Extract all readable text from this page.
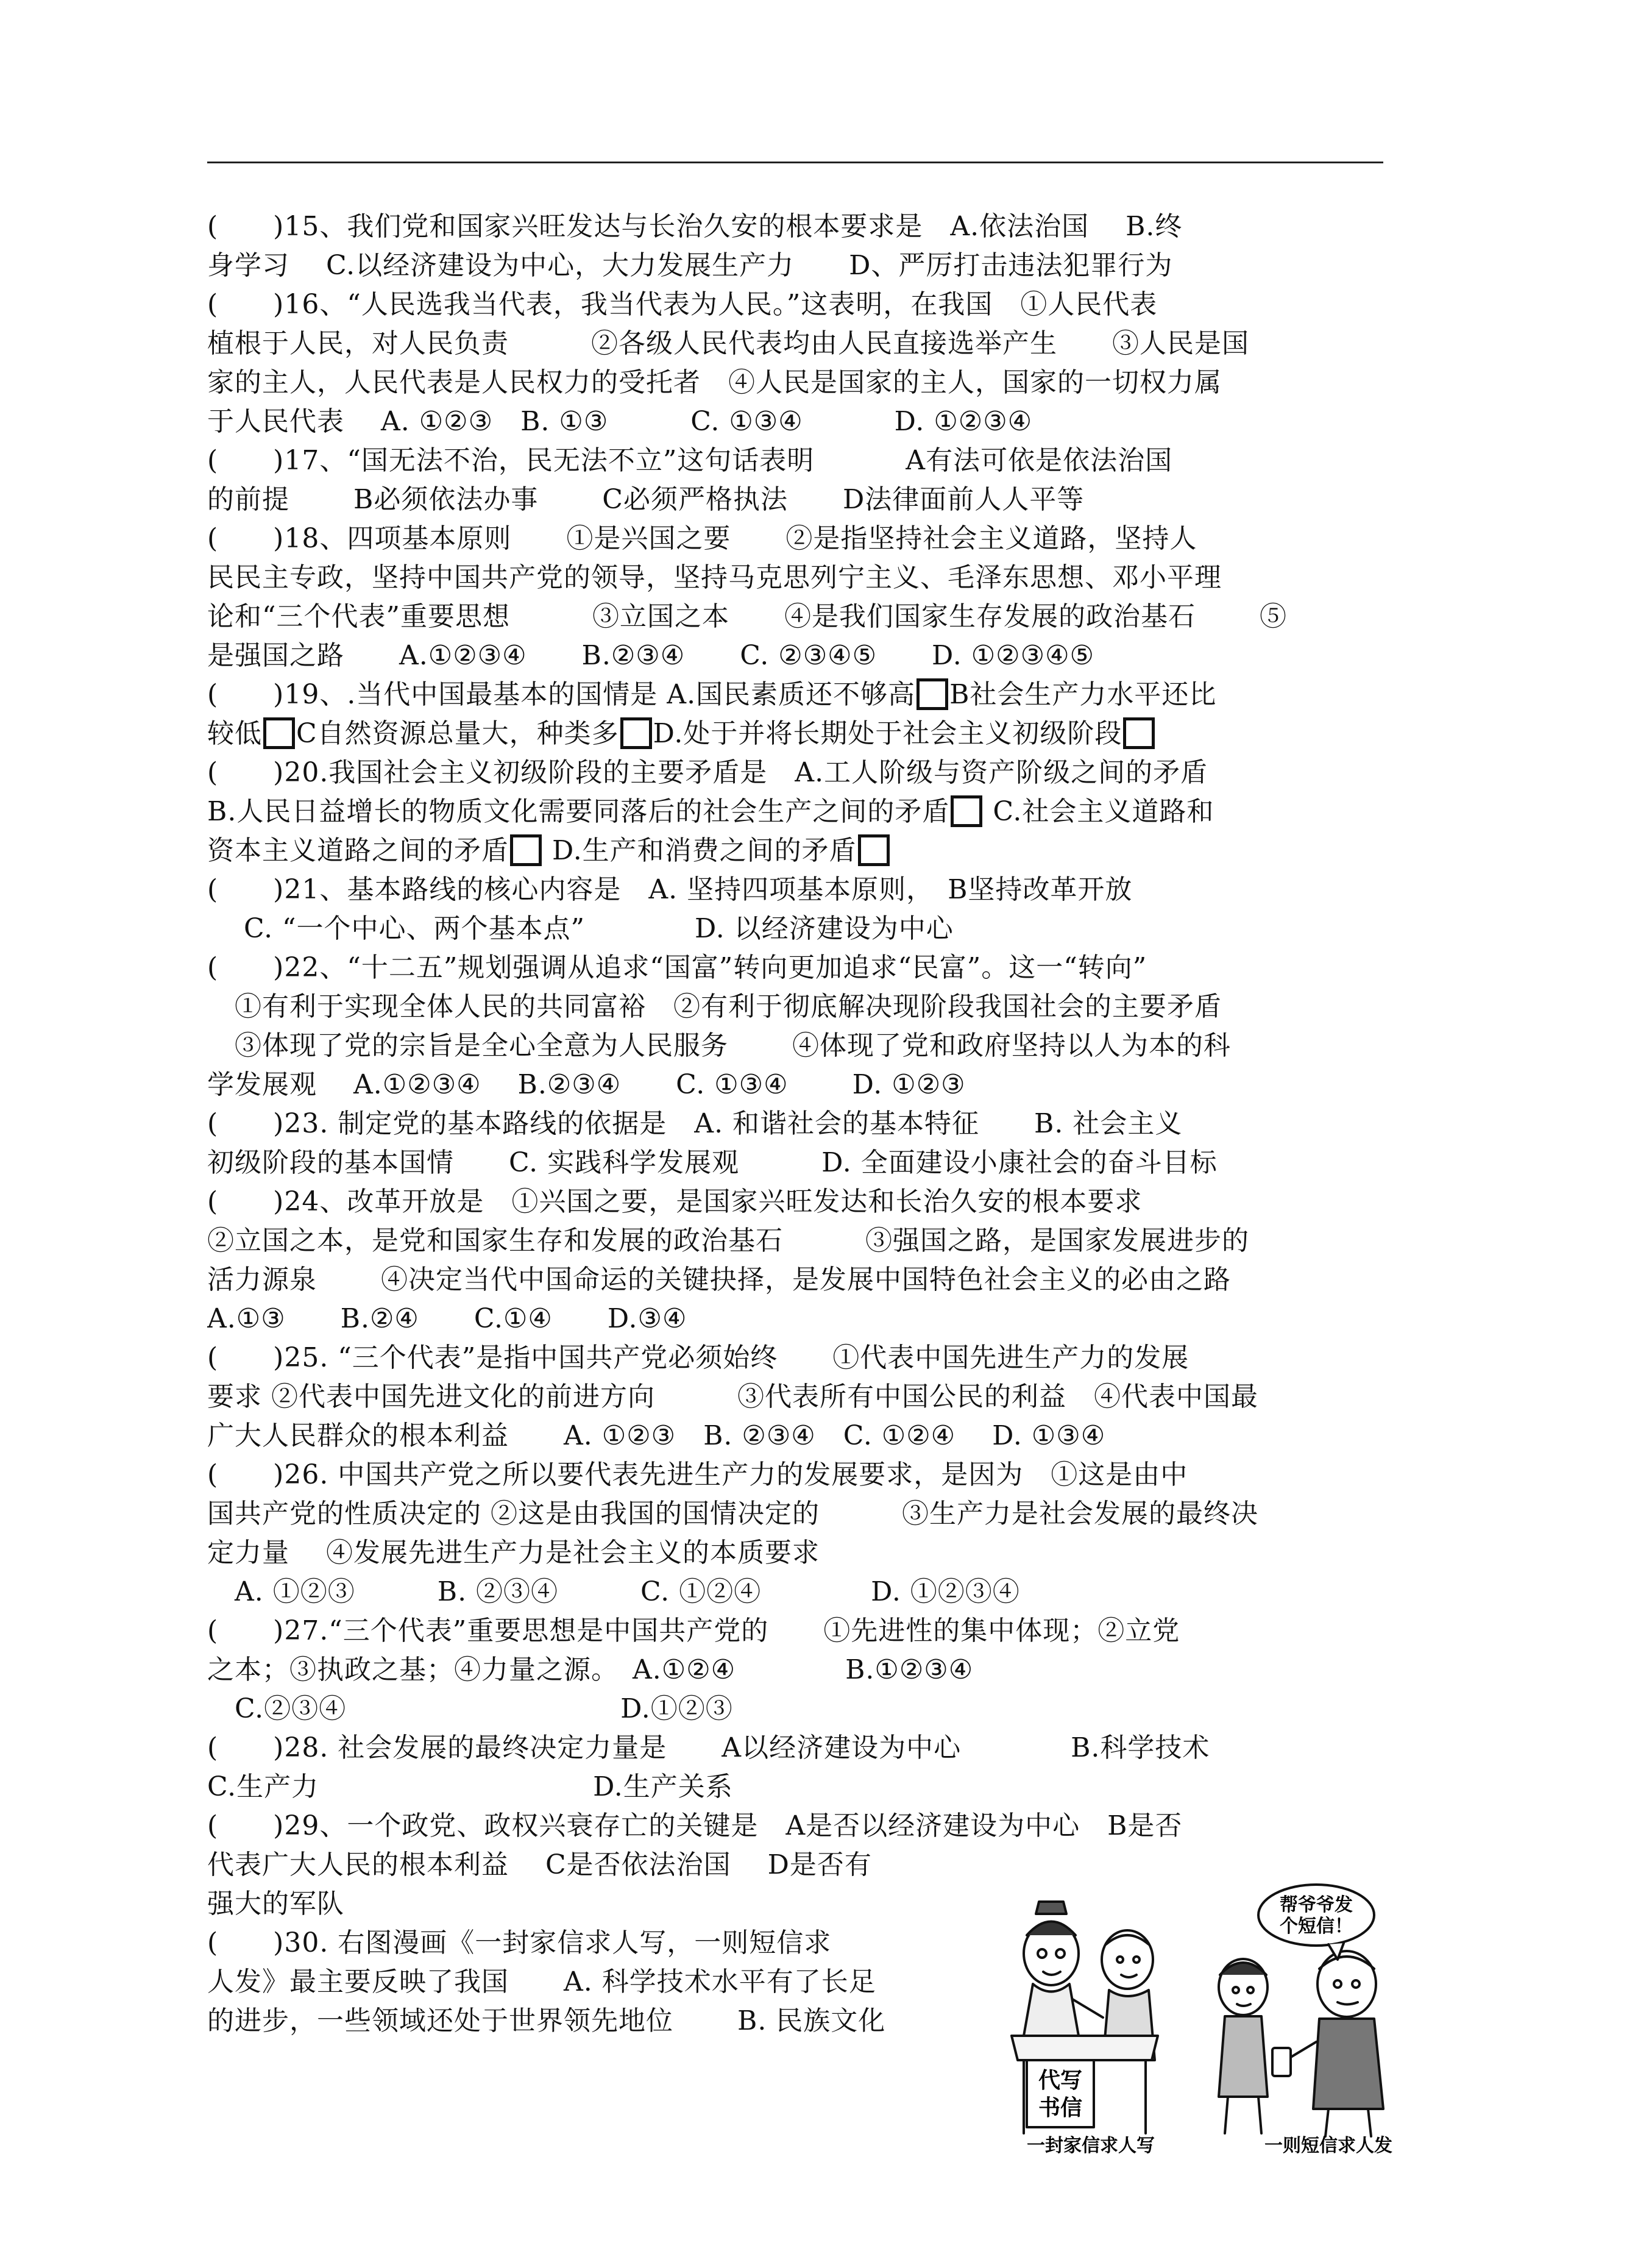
(　　)15、我们党和国家兴旺发达与长治久安的根本要求是　A.依法治国　 B.终
身学习　 C.以经济建设为中心，大力发展生产力　　D、严厉打击违法犯罪行为
(　　)16、“人民选我当代表，我当代表为人民。”这表明，在我国　①人民代表
植根于人民，对人民负责　　　②各级人民代表均由人民直接选举产生　　③人民是国
家的主人，人民代表是人民权力的受托者　④人民是国家的主人，国家的一切权力属
于人民代表　 A. ①②③　B. ①③　　　C. ①③④　　　 D. ①②③④
(　　)17、“国无法不治，民无法不立”这句话表明　　　 A有法可依是依法治国
的前提　　 B必须依法办事　　 C必须严格执法　　D法律面前人人平等
(　　)18、四项基本原则　　①是兴国之要　　②是指坚持社会主义道路，坚持人
民民主专政，坚持中国共产党的领导，坚持马克思列宁主义、毛泽东思想、邓小平理
论和“三个代表”重要思想　　　③立国之本　　④是我们国家生存发展的政治基石　　 ⑤
是强国之路　　A.①②③④　　B.②③④　　C. ②③④⑤　　D. ①②③④⑤
(　　)19、.当代中国最基本的国情是 A.国民素质还不够高 B社会生产力水平还比
较低 C自然资源总量大，种类多 D.处于并将长期处于社会主义初级阶段
(　　)20.我国社会主义初级阶段的主要矛盾是　A.工人阶级与资产阶级之间的矛盾
B.人民日益增长的物质文化需要同落后的社会生产之间的矛盾 C.社会主义道路和
资本主义道路之间的矛盾 D.生产和消费之间的矛盾
(　　)21、基本路线的核心内容是　A. 坚持四项基本原则，　B坚持改革开放
　 C. “一个中心、两个基本点”　　　　D. 以经济建设为中心
(　　)22、“十二五”规划强调从追求“国富”转向更加追求“民富”。这一“转向”
　①有利于实现全体人民的共同富裕　②有利于彻底解决现阶段我国社会的主要矛盾
　③体现了党的宗旨是全心全意为人民服务　　 ④体现了党和政府坚持以人为本的科
学发展观　 A.①②③④　 B.②③④　　C. ①③④　　 D. ①②③
(　　)23. 制定党的基本路线的依据是　A. 和谐社会的基本特征　　B. 社会主义
初级阶段的基本国情　　C. 实践科学发展观　　　D. 全面建设小康社会的奋斗目标
(　　)24、改革开放是　①兴国之要，是国家兴旺发达和长治久安的根本要求
②立国之本，是党和国家生存和发展的政治基石　　　③强国之路，是国家发展进步的
活力源泉　　 ④决定当代中国命运的关键抉择，是发展中国特色社会主义的必由之路
A.①③　　B.②④　　C.①④　　D.③④
(　　)25. “三个代表”是指中国共产党必须始终　　①代表中国先进生产力的发展
要求 ②代表中国先进文化的前进方向　　　③代表所有中国公民的利益　④代表中国最
广大人民群众的根本利益　　A. ①②③　B. ②③④　C. ①②④　 D. ①③④
(　　)26. 中国共产党之所以要代表先进生产力的发展要求，是因为　①这是由中
国共产党的性质决定的 ②这是由我国的国情决定的　　　③生产力是社会发展的最终决
定力量　 ④发展先进生产力是社会主义的本质要求
　A. ①②③　　　B. ②③④　　　C. ①②④　　　　D. ①②③④
(　　)27.“三个代表”重要思想是中国共产党的　　①先进性的集中体现；②立党
之本；③执政之基；④力量之源。　A.①②④　　　　B.①②③④
　C.②③④　　　　　　　　　　D.①②③
(　　)28. 社会发展的最终决定力量是　　A以经济建设为中心　　　　B.科学技术
C.生产力　　　　　　　　　　D.生产关系
(　　)29、一个政党、政权兴衰存亡的关键是　A是否以经济建设为中心　B是否
代表广大人民的根本利益　 C是否依法治国　 D是否有
强大的军队
(　　)30. 右图漫画《一封家信求人写，一则短信求
人发》最主要反映了我国　　A. 科学技术水平有了长足
的进步，一些领域还处于世界领先地位　　 B. 民族文化
帮爷爷发
个短信！
代写
书信
一封家信求人写	一则短信求人发
